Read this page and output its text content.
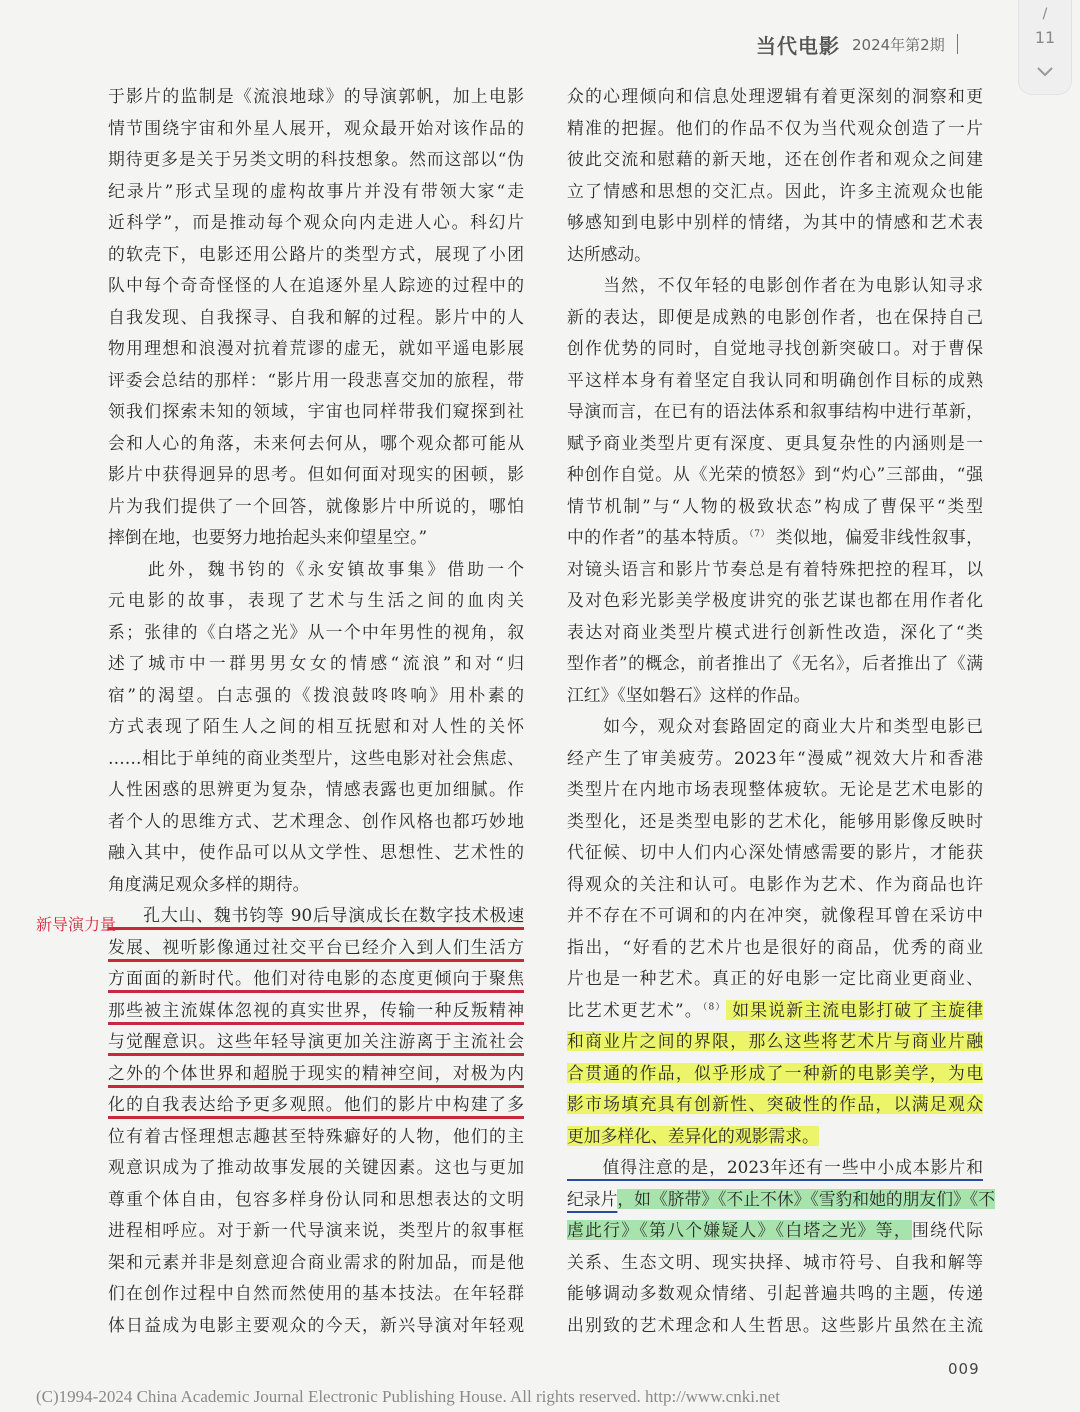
当代电影 2024年第2期
/
11
新导演力量
于影片的监制是《流浪地球》的导演郭帆，加上电影
情节围绕宇宙和外星人展开，观众最开始对该作品的
期待更多是关于另类文明的科技想象。然而这部以“伪
纪录片”形式呈现的虚构故事片并没有带领大家“走
近科学”，而是推动每个观众向内走进人心。科幻片
的软壳下，电影还用公路片的类型方式，展现了小团
队中每个奇奇怪怪的人在追逐外星人踪迹的过程中的
自我发现、自我探寻、自我和解的过程。影片中的人
物用理想和浪漫对抗着荒谬的虚无，就如平遥电影展
评委会总结的那样：“影片用一段悲喜交加的旅程，带
领我们探索未知的领域，宇宙也同样带我们窥探到社
会和人心的角落，未来何去何从，哪个观众都可能从
影片中获得迥异的思考。但如何面对现实的困顿，影
片为我们提供了一个回答，就像影片中所说的，哪怕
摔倒在地，也要努力地抬起头来仰望星空。”
　　此外，魏书钧的《永安镇故事集》借助一个
元电影的故事，表现了艺术与生活之间的血肉关
系；张律的《白塔之光》从一个中年男性的视角，叙
述了城市中一群男男女女的情感“流浪”和对“归
宿”的渴望。白志强的《拨浪鼓咚咚响》用朴素的
方式表现了陌生人之间的相互抚慰和对人性的关怀
……相比于单纯的商业类型片，这些电影对社会焦虑、
人性困惑的思辨更为复杂，情感表露也更加细腻。作
者个人的思维方式、艺术理念、创作风格也都巧妙地
融入其中，使作品可以从文学性、思想性、艺术性的
角度满足观众多样的期待。
　　孔大山、魏书钧等 90后导演成长在数字技术极速
发展、视听影像通过社交平台已经介入到人们生活方
方面面的新时代。他们对待电影的态度更倾向于聚焦
那些被主流媒体忽视的真实世界，传输一种反叛精神
与觉醒意识。这些年轻导演更加关注游离于主流社会
之外的个体世界和超脱于现实的精神空间，对极为内
化的自我表达给予更多观照。他们的影片中构建了多
位有着古怪理想志趣甚至特殊癖好的人物，他们的主
观意识成为了推动故事发展的关键因素。这也与更加
尊重个体自由，包容多样身份认同和思想表达的文明
进程相呼应。对于新一代导演来说，类型片的叙事框
架和元素并非是刻意迎合商业需求的附加品，而是他
们在创作过程中自然而然使用的基本技法。在年轻群
体日益成为电影主要观众的今天，新兴导演对年轻观
众的心理倾向和信息处理逻辑有着更深刻的洞察和更
精准的把握。他们的作品不仅为当代观众创造了一片
彼此交流和慰藉的新天地，还在创作者和观众之间建
立了情感和思想的交汇点。因此，许多主流观众也能
够感知到电影中别样的情绪，为其中的情感和艺术表
达所感动。
　　当然，不仅年轻的电影创作者在为电影认知寻求
新的表达，即便是成熟的电影创作者，也在保持自己
创作优势的同时，自觉地寻找创新突破口。对于曹保
平这样本身有着坚定自我认同和明确创作目标的成熟
导演而言，在已有的语法体系和叙事结构中进行革新，
赋予商业类型片更有深度、更具复杂性的内涵则是一
种创作自觉。从《光荣的愤怒》到“灼心”三部曲，“强
情节机制”与“人物的极致状态”构成了曹保平“类型
中的作者”的基本特质。$^{(7)}$ 类似地，偏爱非线性叙事，
对镜头语言和影片节奏总是有着特殊把控的程耳，以
及对色彩光影美学极度讲究的张艺谋也都在用作者化
表达对商业类型片模式进行创新性改造，深化了“类
型作者”的概念，前者推出了《无名》，后者推出了《满
江红》《坚如磐石》这样的作品。
　　如今，观众对套路固定的商业大片和类型电影已
经产生了审美疲劳。2023年“漫威”视效大片和香港
类型片在内地市场表现整体疲软。无论是艺术电影的
类型化，还是类型电影的艺术化，能够用影像反映时
代征候、切中人们内心深处情感需要的影片，才能获
得观众的关注和认可。电影作为艺术、作为商品也许
并不存在不可调和的内在冲突，就像程耳曾在采访中
指出，“好看的艺术片也是很好的商品，优秀的商业
片也是一种艺术。真正的好电影一定比商业更商业、
比艺术更艺术”。$^{(8)}$ 如果说新主流电影打破了主旋律
和商业片之间的界限，那么这些将艺术片与商业片融
合贯通的作品，似乎形成了一种新的电影美学，为电
影市场填充具有创新性、突破性的作品，以满足观众
更加多样化、差异化的观影需求。
　　值得注意的是，2023年还有一些中小成本影片和
纪录片，如《脐带》《不止不休》《雪豹和她的朋友们》《不
虐此行》《第八个嫌疑人》《白塔之光》等，围绕代际
关系、生态文明、现实抉择、城市符号、自我和解等
能够调动多数观众情绪、引起普遍共鸣的主题，传递
出别致的艺术理念和人生哲思。这些影片虽然在主流
009
(C)1994-2024 China Academic Journal Electronic Publishing House. All rights reserved. http://www.cnki.net
